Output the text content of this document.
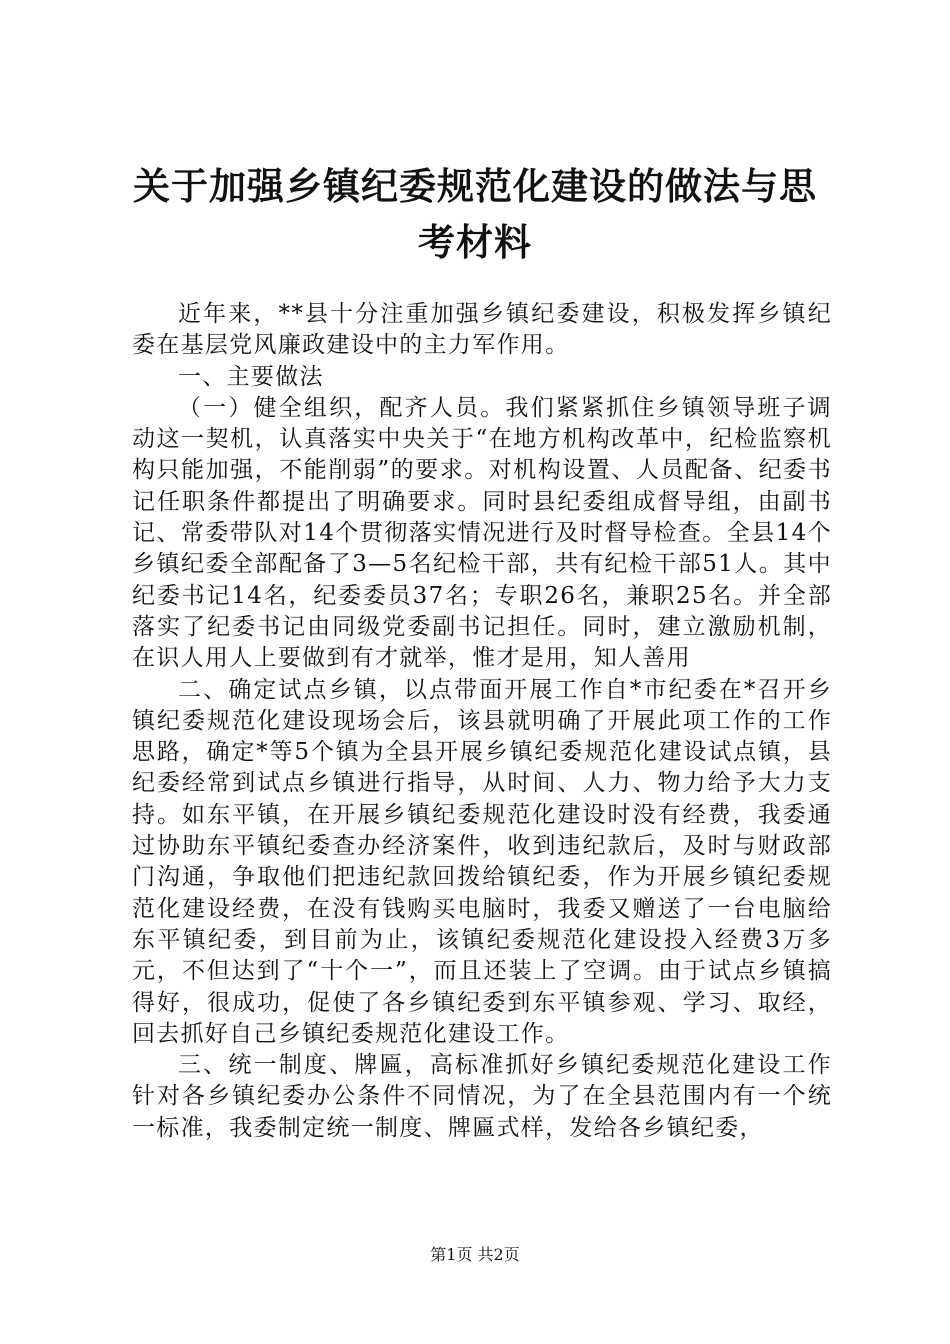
关于加强乡镇纪委规范化建设的做法与思考材料

近年来，**县十分注重加强乡镇纪委建设，积极发挥乡镇纪委在基层党风廉政建设中的主力军作用。

一、主要做法

（一）健全组织，配齐人员。我们紧紧抓住乡镇领导班子调动这一契机，认真落实中央关于“在地方机构改革中，纪检监察机构只能加强，不能削弱”的要求。对机构设置、人员配备、纪委书记任职条件都提出了明确要求。同时县纪委组成督导组，由副书记、常委带队对14个贯彻落实情况进行及时督导检查。全县14个乡镇纪委全部配备了3—5名纪检干部，共有纪检干部51人。其中纪委书记14名，纪委委员37名；专职26名，兼职25名。并全部落实了纪委书记由同级党委副书记担任。同时，建立激励机制，在识人用人上要做到有才就举，惟才是用，知人善用

二、确定试点乡镇，以点带面开展工作自*市纪委在*召开乡镇纪委规范化建设现场会后，该县就明确了开展此项工作的工作思路，确定*等5个镇为全县开展乡镇纪委规范化建设试点镇，县纪委经常到试点乡镇进行指导，从时间、人力、物力给予大力支持。如东平镇，在开展乡镇纪委规范化建设时没有经费，我委通过协助东平镇纪委查办经济案件，收到违纪款后，及时与财政部门沟通，争取他们把违纪款回拨给镇纪委，作为开展乡镇纪委规范化建设经费，在没有钱购买电脑时，我委又赠送了一台电脑给东平镇纪委，到目前为止，该镇纪委规范化建设投入经费3万多元，不但达到了“十个一”，而且还装上了空调。由于试点乡镇搞得好，很成功，促使了各乡镇纪委到东平镇参观、学习、取经，回去抓好自己乡镇纪委规范化建设工作。

三、统一制度、牌匾，高标准抓好乡镇纪委规范化建设工作针对各乡镇纪委办公条件不同情况，为了在全县范围内有一个统一标准，我委制定统一制度、牌匾式样，发给各乡镇纪委，

第1页 共2页
